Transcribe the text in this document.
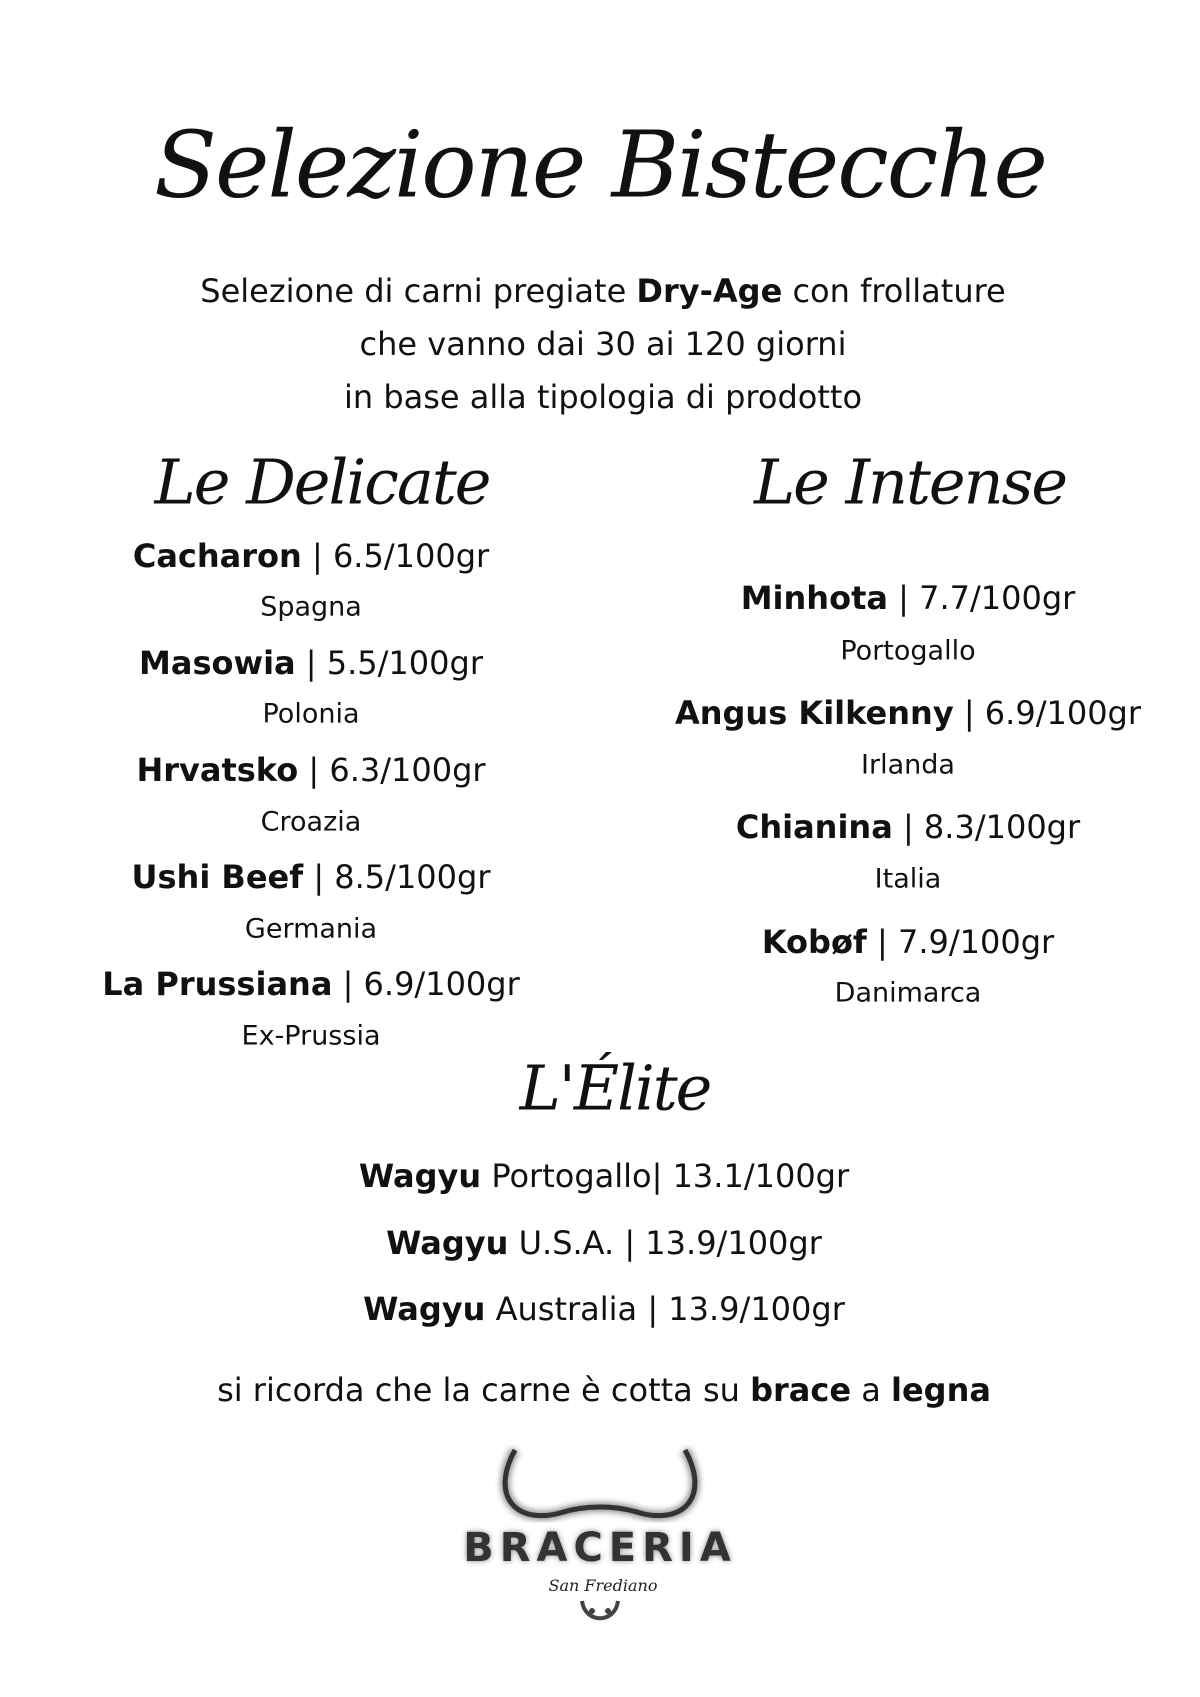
Selezione Bistecche
Selezione di carni pregiate Dry-Age con frollature
che vanno dai 30 ai 120 giorni
in base alla tipologia di prodotto
Le Delicate	Le Intense
Cacharon | 6.5/100gr
Spagna
Masowia | 5.5/100gr
Polonia
Hrvatsko | 6.3/100gr
Croazia
Ushi Beef | 8.5/100gr
Germania
La Prussiana | 6.9/100gr
Ex-Prussia
Minhota | 7.7/100gr
Portogallo
Angus Kilkenny | 6.9/100gr
Irlanda
Chianina | 8.3/100gr
Italia
Kobøf | 7.9/100gr
Danimarca
L'Élite
Wagyu Portogallo| 13.1/100gr
Wagyu U.S.A. | 13.9/100gr
Wagyu Australia | 13.9/100gr
si ricorda che la carne è cotta su brace a legna
BRACERIA
San Frediano
